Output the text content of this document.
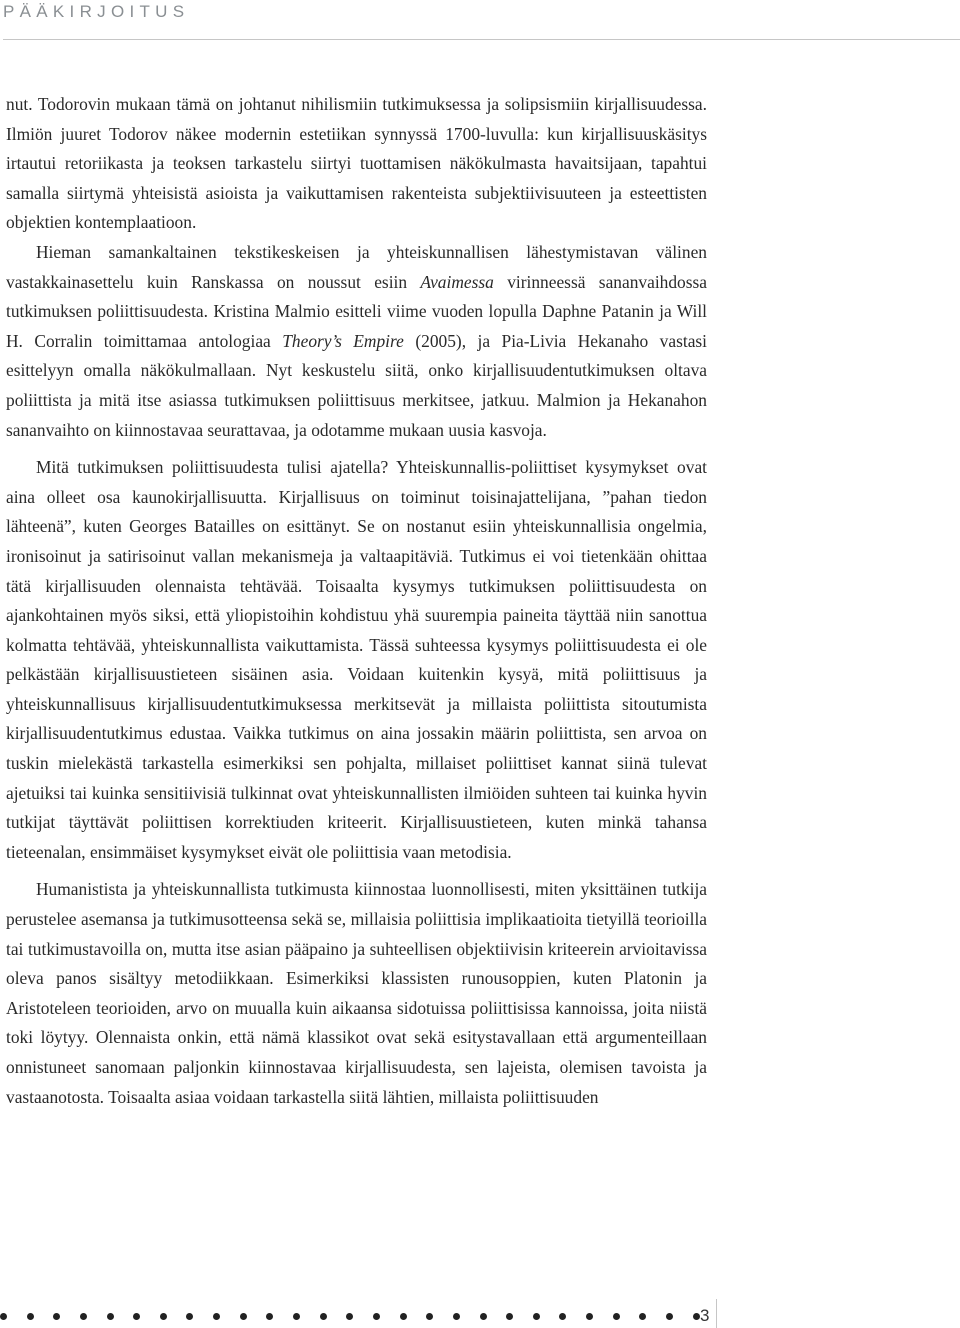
PÄÄKIRJOITUS

nut. Todorovin mukaan tämä on johtanut nihilismiin tutkimuksessa ja solipsismiin kirjallisuudessa. Ilmiön juuret Todorov näkee modernin estetiikan synnyssä 1700-luvulla: kun kirjallisuuskäsitys irtautui retoriikasta ja teoksen tarkastelu siirtyi tuottamisen näkökulmasta havaitsijaan, tapahtui samalla siirtymä yhteisistä asioista ja vaikuttamisen rakenteista subjektiivisuuteen ja esteettisten objektien kontemplaatioon.

Hieman samankaltainen tekstikeskeisen ja yhteiskunnallisen lähestymistavan välinen vastakkainasettelu kuin Ranskassa on noussut esiin Avaimessa virinneessä sananvaihdossa tutkimuksen poliittisuudesta. Kristina Malmio esitteli viime vuoden lopulla Daphne Patanin ja Will H. Corralin toimittamaa antologiaa Theory’s Empire (2005), ja Pia-Livia Hekanaho vastasi esittelyyn omalla näkökulmallaan. Nyt keskustelu siitä, onko kirjallisuudentutkimuksen oltava poliittista ja mitä itse asiassa tutkimuksen poliittisuus merkitsee, jatkuu. Malmion ja Hekanahon sananvaihto on kiinnostavaa seurattavaa, ja odotamme mukaan uusia kasvoja.

Mitä tutkimuksen poliittisuudesta tulisi ajatella? Yhteiskunnallis-poliittiset kysymykset ovat aina olleet osa kaunokirjallisuutta. Kirjallisuus on toiminut toisinajattelijana, ”pahan tiedon lähteenä”, kuten Georges Batailles on esittänyt. Se on nostanut esiin yhteiskunnallisia ongelmia, ironisoinut ja satirisoinut vallan mekanismeja ja valtaapitäviä. Tutkimus ei voi tietenkään ohittaa tätä kirjallisuuden olennaista tehtävää. Toisaalta kysymys tutkimuksen poliittisuudesta on ajankohtainen myös siksi, että yliopistoihin kohdistuu yhä suurempia paineita täyttää niin sanottua kolmatta tehtävää, yhteiskunnallista vaikuttamista. Tässä suhteessa kysymys poliittisuudesta ei ole pelkästään kirjallisuustieteen sisäinen asia. Voidaan kuitenkin kysyä, mitä poliittisuus ja yhteiskunnallisuus kirjallisuudentutkimuksessa merkitsevät ja millaista poliittista sitoutumista kirjallisuudentutkimus edustaa. Vaikka tutkimus on aina jossakin määrin poliittista, sen arvoa on tuskin mielekästä tarkastella esimerkiksi sen pohjalta, millaiset poliittiset kannat siinä tulevat ajetuiksi tai kuinka sensitiivisiä tulkinnat ovat yhteiskunnallisten ilmiöiden suhteen tai kuinka hyvin tutkijat täyttävät poliittisen korrektiuden kriteerit. Kirjallisuustieteen, kuten minkä tahansa tieteenalan, ensimmäiset kysymykset eivät ole poliittisia vaan metodisia.

Humanistista ja yhteiskunnallista tutkimusta kiinnostaa luonnollisesti, miten yksittäinen tutkija perustelee asemansa ja tutkimusotteensa sekä se, millaisia poliittisia implikaatioita tietyillä teorioilla tai tutkimustavoilla on, mutta itse asian pääpaino ja suhteellisen objektiivisin kriteerein arvioitavissa oleva panos sisältyy metodiikkaan. Esimerkiksi klassisten runousoppien, kuten Platonin ja Aristoteleen teorioiden, arvo on muualla kuin aikaansa sidotuissa poliittisissa kannoissa, joita niistä toki löytyy. Olennaista onkin, että nämä klassikot ovat sekä esitystavallaan että argumenteillaan onnistuneet sanomaan paljonkin kiinnostavaa kirjallisuudesta, sen lajeista, olemisen tavoista ja vastaanotosta. Toisaalta asiaa voidaan tarkastella siitä lähtien, millaista poliittisuuden

3
